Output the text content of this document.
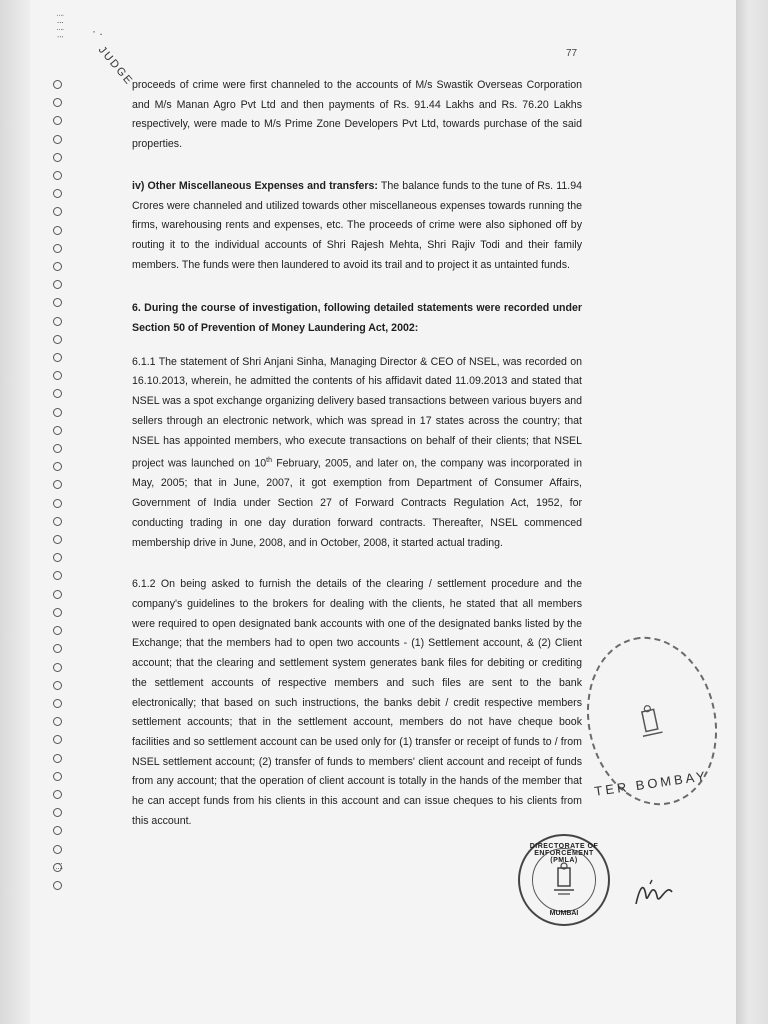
⁞ ⁝ ⁞ ⁝
⁝ ⁞
· .
77

proceeds of crime were first channeled to the accounts of M/s Swastik Overseas Corporation and M/s Manan Agro Pvt Ltd and then payments of Rs. 91.44 Lakhs and Rs. 76.20 Lakhs respectively, were made to M/s Prime Zone Developers Pvt Ltd, towards purchase of the said properties.

iv) Other Miscellaneous Expenses and transfers: The balance funds to the tune of Rs. 11.94 Crores were channeled and utilized towards other miscellaneous expenses towards running the firms, warehousing rents and expenses, etc. The proceeds of crime were also siphoned off by routing it to the individual accounts of Shri Rajesh Mehta, Shri Rajiv Todi and their family members. The funds were then laundered to avoid its trail and to project it as untainted funds.

6. During the course of investigation, following detailed statements were recorded under Section 50 of Prevention of Money Laundering Act, 2002:

6.1.1 The statement of Shri Anjani Sinha, Managing Director & CEO of NSEL, was recorded on 16.10.2013, wherein, he admitted the contents of his affidavit dated 11.09.2013 and stated that NSEL was a spot exchange organizing delivery based transactions between various buyers and sellers through an electronic network, which was spread in 17 states across the country; that NSEL has appointed members, who execute transactions on behalf of their clients; that NSEL project was launched on 10th February, 2005, and later on, the company was incorporated in May, 2005; that in June, 2007, it got exemption from Department of Consumer Affairs, Government of India under Section 27 of Forward Contracts Regulation Act, 1952, for conducting trading in one day duration forward contracts. Thereafter, NSEL commenced membership drive in June, 2008, and in October, 2008, it started actual trading.

6.1.2 On being asked to furnish the details of the clearing / settlement procedure and the company's guidelines to the brokers for dealing with the clients, he stated that all members were required to open designated bank accounts with one of the designated banks listed by the Exchange; that the members had to open two accounts - (1) Settlement account, & (2) Client account; that the clearing and settlement system generates bank files for debiting or crediting the settlement accounts of respective members and such files are sent to the bank electronically; that based on such instructions, the banks debit / credit respective members settlement accounts; that in the settlement account, members do not have cheque book facilities and so settlement account can be used only for (1) transfer or receipt of funds to / from NSEL settlement account; (2) transfer of funds to members' client account and receipt of funds from any account; that the operation of client account is totally in the hands of the member that he can accept funds from his clients in this account and can issue cheques to his clients from this account.

JUDGE
TER BOMBAY
DIRECTORATE OF ENFORCEMENT (PMLA)
MUMBAI
